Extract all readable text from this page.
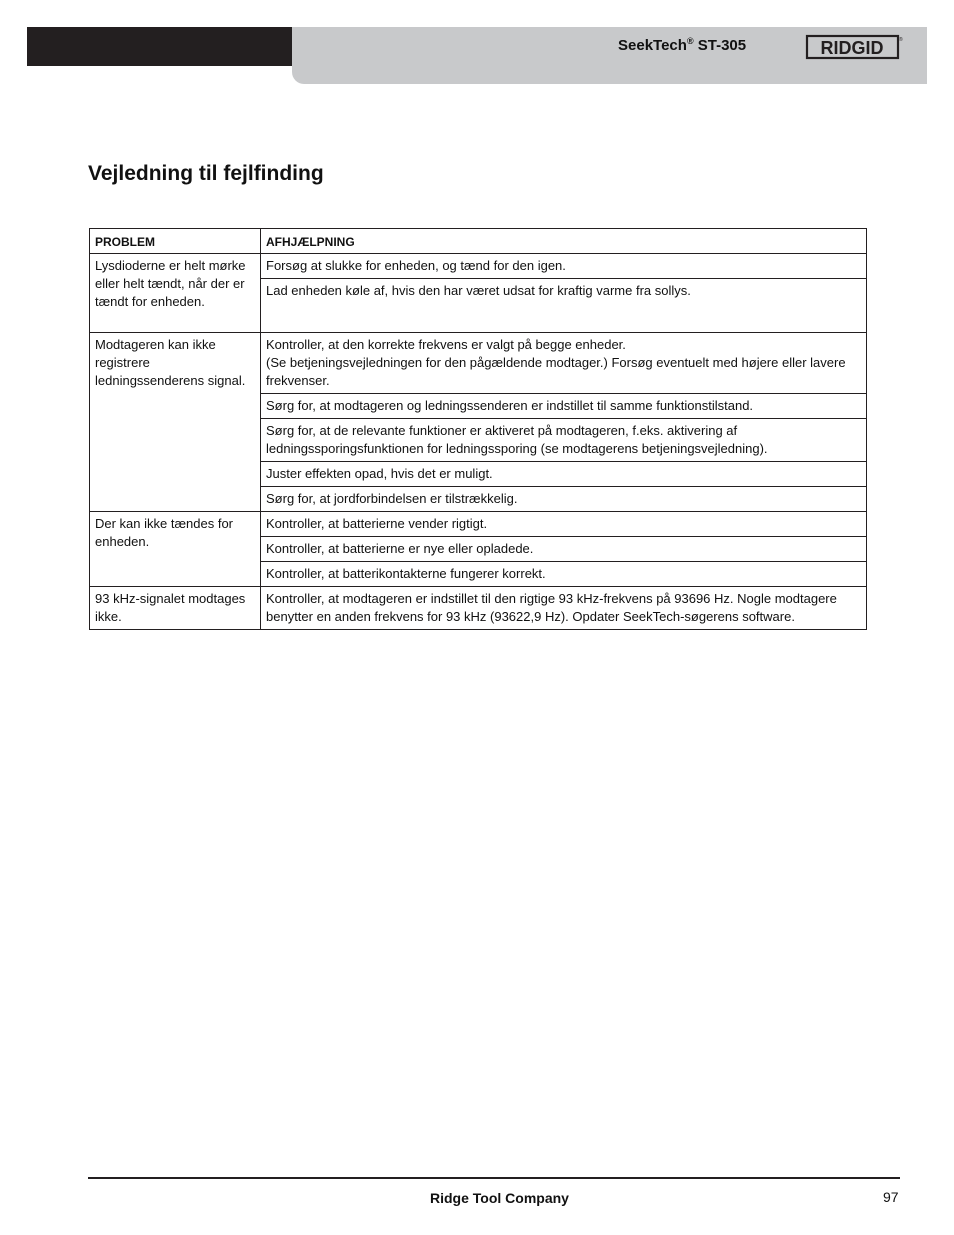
SeekTech® ST-305	RIDGID	®
Vejledning til fejlfinding
PROBLEM	AFHJÆLPNING
Lysdioderne er helt mørke eller helt tændt, når der er tændt for enheden.	Forsøg at slukke for enheden, og tænd for den igen.
	Lad enheden køle af, hvis den har været udsat for kraftig varme fra sollys.
Modtageren kan ikke registrere ledningssenderens signal.	Kontroller, at den korrekte frekvens er valgt på begge enheder.
(Se betjeningsvejledningen for den pågældende modtager.) Forsøg eventuelt med højere eller lavere frekvenser.
	Sørg for, at modtageren og ledningssenderen er indstillet til samme funktionstilstand.
	Sørg for, at de relevante funktioner er aktiveret på modtageren, f.eks. aktivering af ledningssporingsfunktionen for ledningssporing (se modtagerens betjeningsvejledning).
	Juster effekten opad, hvis det er muligt.
	Sørg for, at jordforbindelsen er tilstrækkelig.
Der kan ikke tændes for enheden.	Kontroller, at batterierne vender rigtigt.
	Kontroller, at batterierne er nye eller opladede.
	Kontroller, at batterikontakterne fungerer korrekt.
93 kHz-signalet modtages ikke.	Kontroller, at modtageren er indstillet til den rigtige 93 kHz-frekvens på 93696 Hz. Nogle modtagere benytter en anden frekvens for 93 kHz (93622,9 Hz). Opdater SeekTech-søgerens software.
Ridge Tool Company	97
